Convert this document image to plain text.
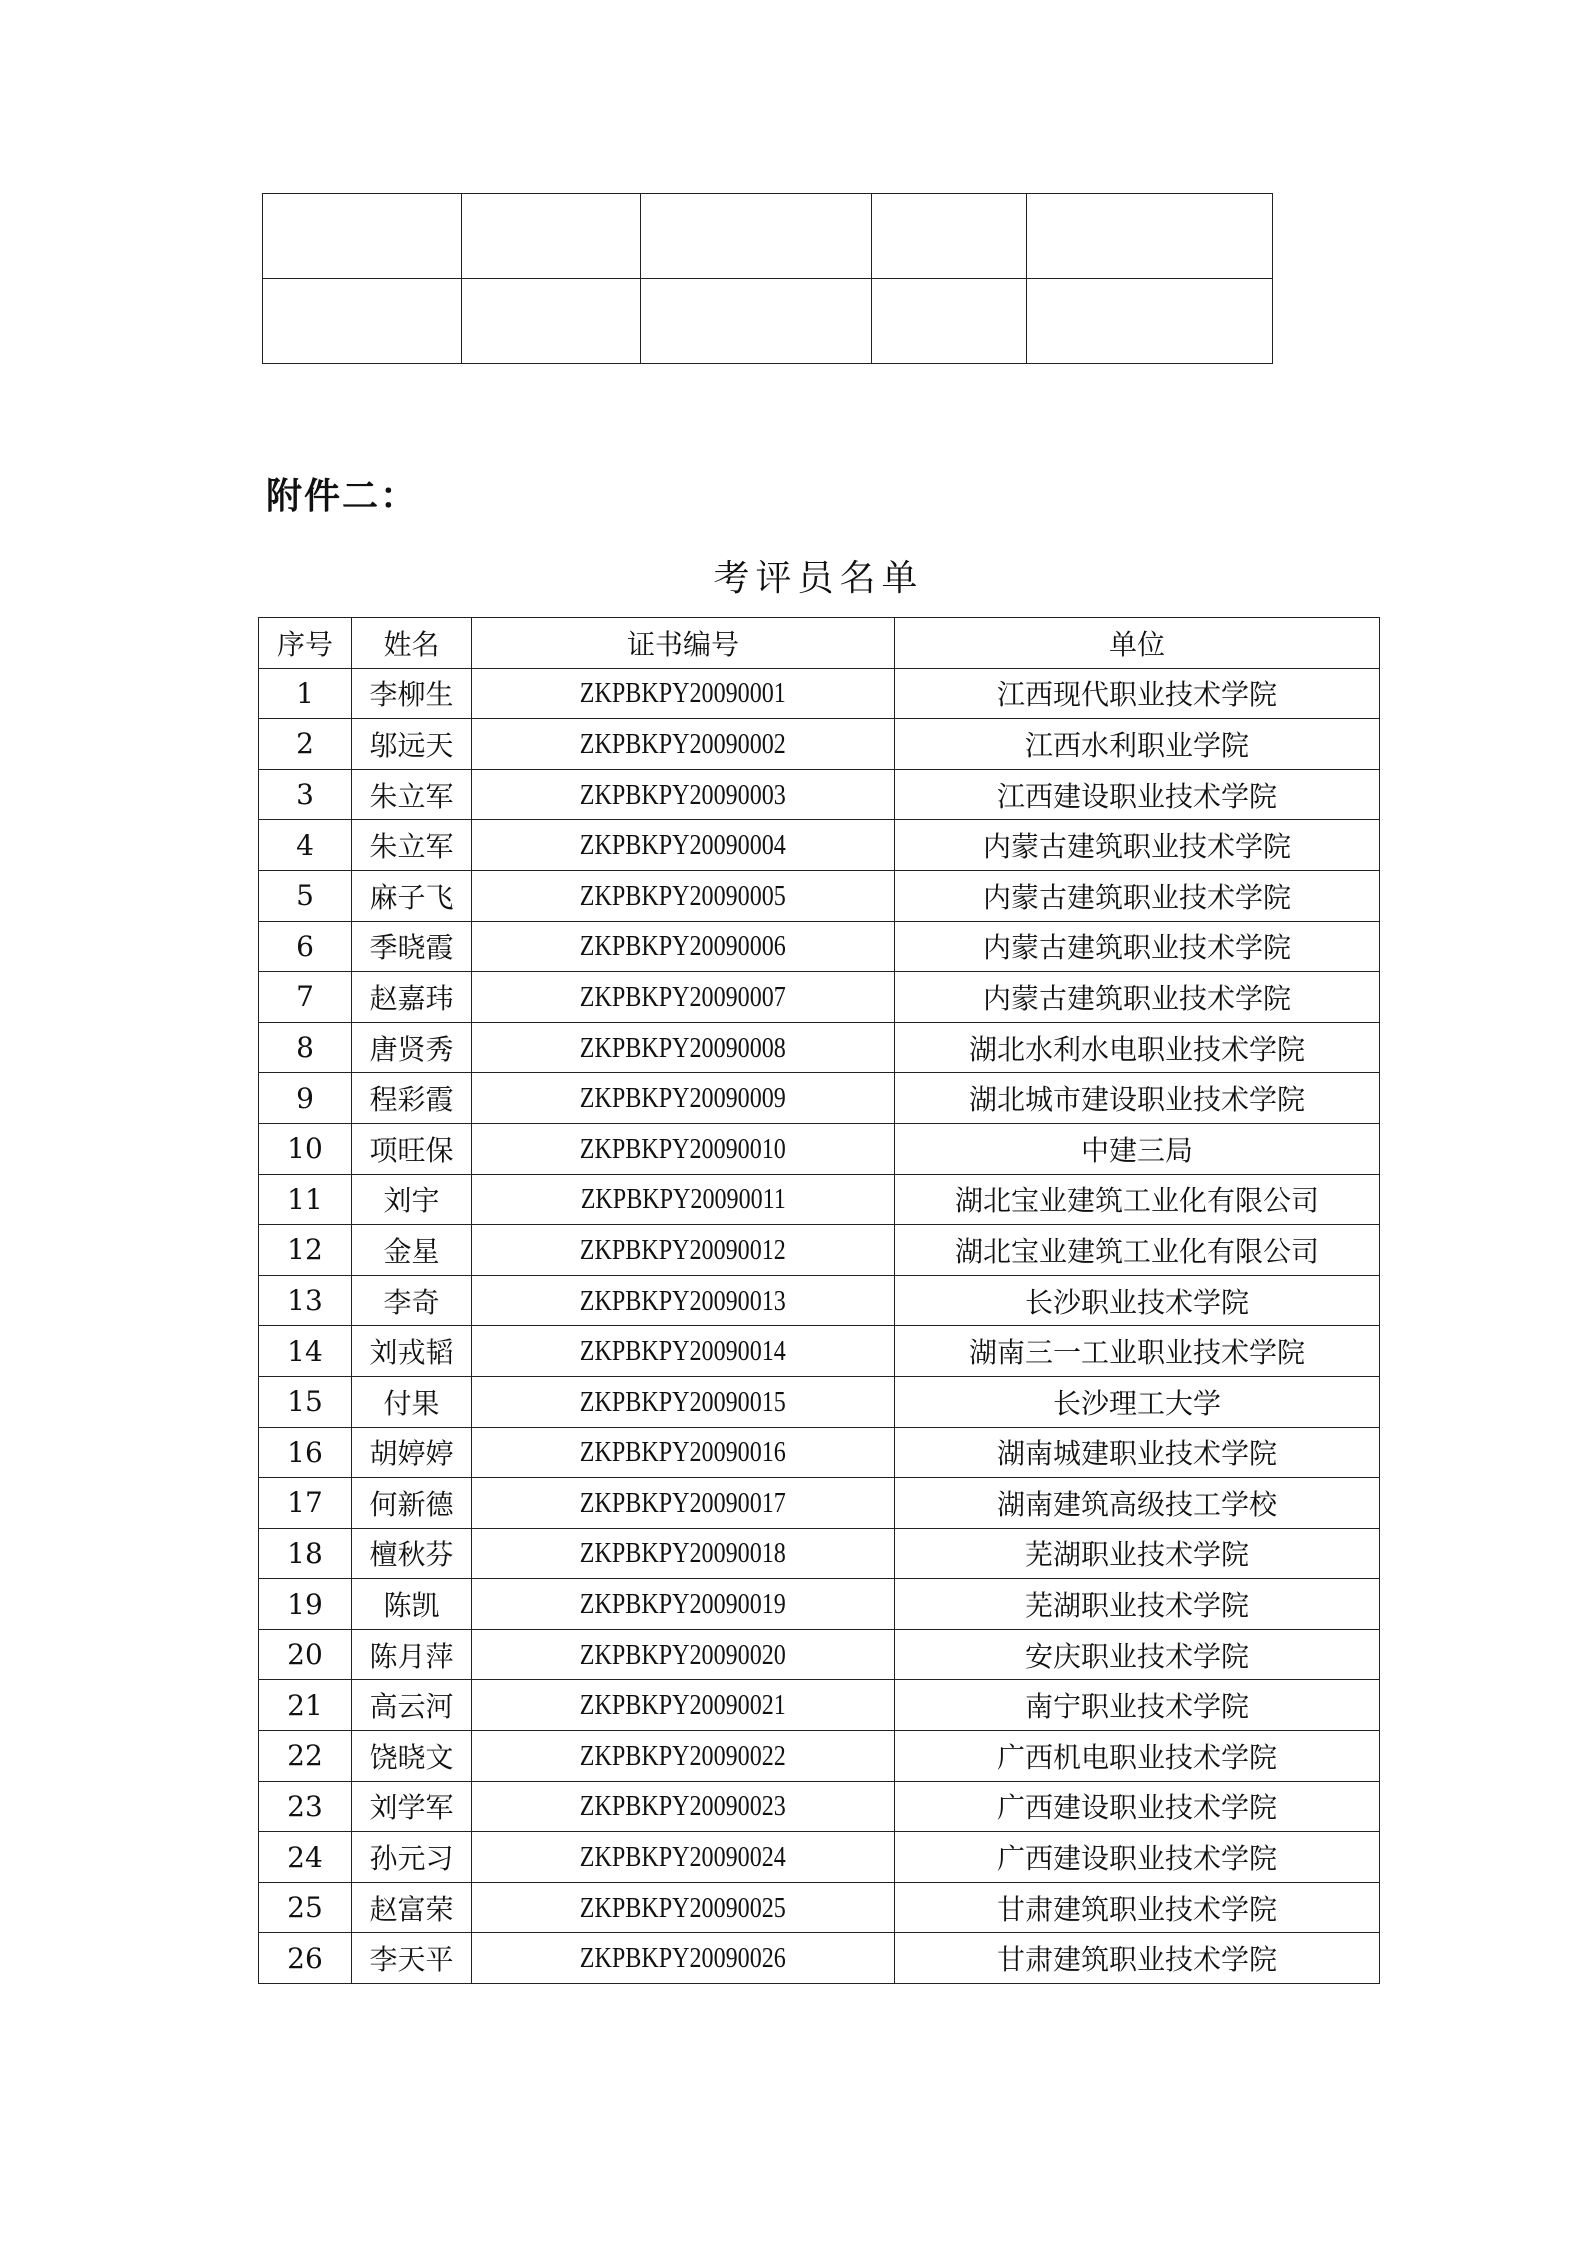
附件二：
考评员名单
序号	姓名	证书编号	单位
1	李柳生	ZKPBKPY20090001	江西现代职业技术学院
2	邬远天	ZKPBKPY20090002	江西水利职业学院
3	朱立军	ZKPBKPY20090003	江西建设职业技术学院
4	朱立军	ZKPBKPY20090004	内蒙古建筑职业技术学院
5	麻子飞	ZKPBKPY20090005	内蒙古建筑职业技术学院
6	季晓霞	ZKPBKPY20090006	内蒙古建筑职业技术学院
7	赵嘉玮	ZKPBKPY20090007	内蒙古建筑职业技术学院
8	唐贤秀	ZKPBKPY20090008	湖北水利水电职业技术学院
9	程彩霞	ZKPBKPY20090009	湖北城市建设职业技术学院
10	项旺保	ZKPBKPY20090010	中建三局
11	刘宇	ZKPBKPY20090011	湖北宝业建筑工业化有限公司
12	金星	ZKPBKPY20090012	湖北宝业建筑工业化有限公司
13	李奇	ZKPBKPY20090013	长沙职业技术学院
14	刘戎韬	ZKPBKPY20090014	湖南三一工业职业技术学院
15	付果	ZKPBKPY20090015	长沙理工大学
16	胡婷婷	ZKPBKPY20090016	湖南城建职业技术学院
17	何新德	ZKPBKPY20090017	湖南建筑高级技工学校
18	檀秋芬	ZKPBKPY20090018	芜湖职业技术学院
19	陈凯	ZKPBKPY20090019	芜湖职业技术学院
20	陈月萍	ZKPBKPY20090020	安庆职业技术学院
21	高云河	ZKPBKPY20090021	南宁职业技术学院
22	饶晓文	ZKPBKPY20090022	广西机电职业技术学院
23	刘学军	ZKPBKPY20090023	广西建设职业技术学院
24	孙元习	ZKPBKPY20090024	广西建设职业技术学院
25	赵富荣	ZKPBKPY20090025	甘肃建筑职业技术学院
26	李天平	ZKPBKPY20090026	甘肃建筑职业技术学院
